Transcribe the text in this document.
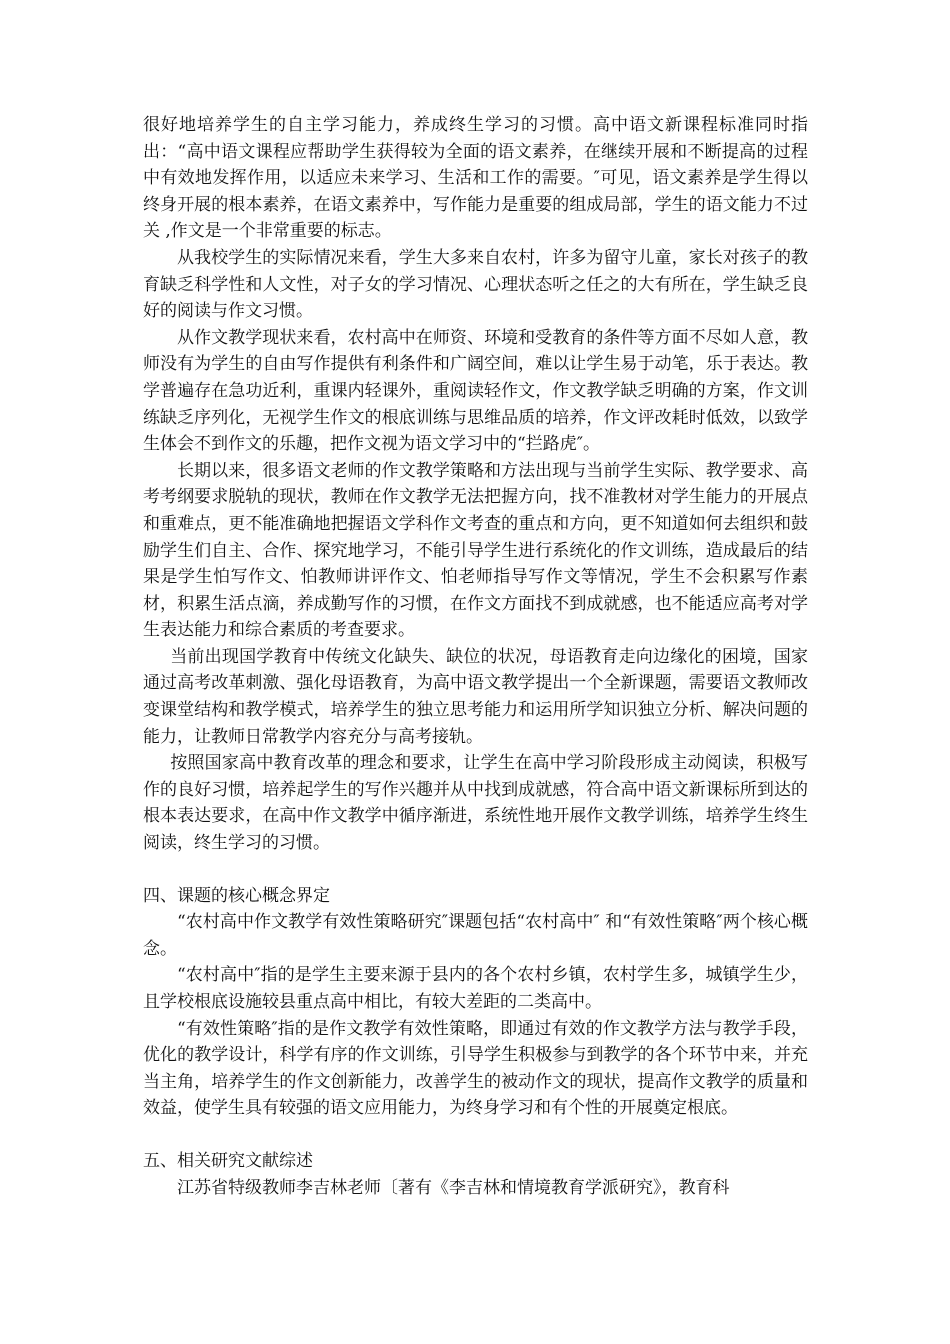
很好地培养学生的自主学习能力，养成终生学习的习惯。高中语文新课程标准同时指出：“高中语文课程应帮助学生获得较为全面的语文素养，在继续开展和不断提高的过程中有效地发挥作用，以适应未来学习、生活和工作的需要。″可见，语文素养是学生得以终身开展的根本素养，在语文素养中，写作能力是重要的组成局部，学生的语文能力不过关 ,作文是一个非常重要的标志。

从我校学生的实际情况来看，学生大多来自农村，许多为留守儿童，家长对孩子的教育缺乏科学性和人文性，对子女的学习情况、心理状态听之任之的大有所在，学生缺乏良好的阅读与作文习惯。

从作文教学现状来看，农村高中在师资、环境和受教育的条件等方面不尽如人意，教师没有为学生的自由写作提供有利条件和广阔空间，难以让学生易于动笔，乐于表达。教学普遍存在急功近利，重课内轻课外，重阅读轻作文，作文教学缺乏明确的方案，作文训练缺乏序列化，无视学生作文的根底训练与思维品质的培养，作文评改耗时低效，以致学生体会不到作文的乐趣，把作文视为语文学习中的“拦路虎″。

长期以来，很多语文老师的作文教学策略和方法出现与当前学生实际、教学要求、高考考纲要求脱轨的现状，教师在作文教学无法把握方向，找不准教材对学生能力的开展点和重难点，更不能准确地把握语文学科作文考查的重点和方向，更不知道如何去组织和鼓励学生们自主、合作、探究地学习，不能引导学生进行系统化的作文训练，造成最后的结果是学生怕写作文、怕教师讲评作文、怕老师指导写作文等情况，学生不会积累写作素材，积累生活点滴，养成勤写作的习惯，在作文方面找不到成就感，也不能适应高考对学生表达能力和综合素质的考查要求。

当前出现国学教育中传统文化缺失、缺位的状况，母语教育走向边缘化的困境，国家通过高考改革刺激、强化母语教育，为高中语文教学提出一个全新课题，需要语文教师改变课堂结构和教学模式，培养学生的独立思考能力和运用所学知识独立分析、解决问题的能力，让教师日常教学内容充分与高考接轨。

按照国家高中教育改革的理念和要求，让学生在高中学习阶段形成主动阅读，积极写作的良好习惯，培养起学生的写作兴趣并从中找到成就感，符合高中语文新课标所到达的根本表达要求，在高中作文教学中循序渐进，系统性地开展作文教学训练，培养学生终生阅读，终生学习的习惯。

四、课题的核心概念界定

“农村高中作文教学有效性策略研究″课题包括“农村高中″ 和“有效性策略″两个核心概念。

“农村高中″指的是学生主要来源于县内的各个农村乡镇，农村学生多，城镇学生少，且学校根底设施较县重点高中相比，有较大差距的二类高中。

“有效性策略″指的是作文教学有效性策略，即通过有效的作文教学方法与教学手段，优化的教学设计，科学有序的作文训练，引导学生积极参与到教学的各个环节中来，并充当主角，培养学生的作文创新能力，改善学生的被动作文的现状，提高作文教学的质量和效益，使学生具有较强的语文应用能力，为终身学习和有个性的开展奠定根底。

五、相关研究文献综述

江苏省特级教师李吉林老师〔著有《李吉林和情境教育学派研究》，教育科
